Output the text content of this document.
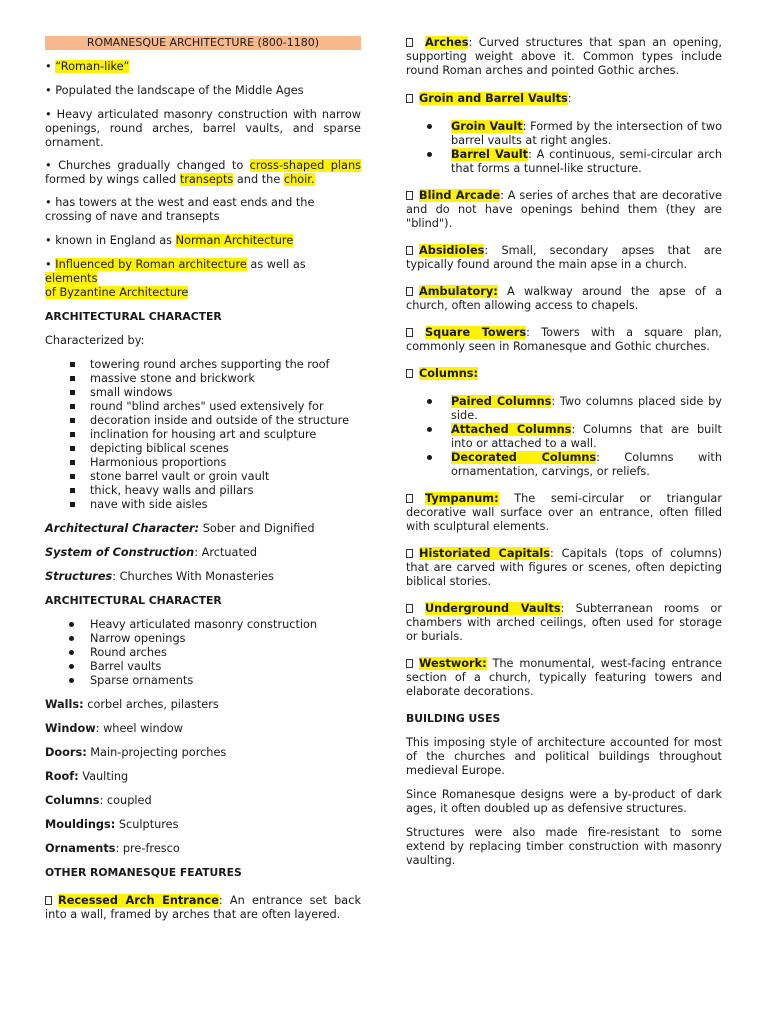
ROMANESQUE ARCHITECTURE (800-1180)

• “Roman-like”

• Populated the landscape of the Middle Ages

• Heavy articulated masonry construction with narrow openings, round arches, barrel vaults, and sparse ornament.

• Churches gradually changed to cross-shaped plans formed by wings called transepts and the choir.

• has towers at the west and east ends and the crossing of nave and transepts

• known in England as Norman Architecture

• Influenced by Roman architecture as well as elements
of Byzantine Architecture

ARCHITECTURAL CHARACTER

Characterized by:

towering round arches supporting the roof
massive stone and brickwork
small windows
round "blind arches" used extensively for
decoration inside and outside of the structure
inclination for housing art and sculpture
depicting biblical scenes
Harmonious proportions
stone barrel vault or groin vault
thick, heavy walls and pillars
nave with side aisles

Architectural Character: Sober and Dignified

System of Construction: Arctuated

Structures: Churches With Monasteries

ARCHITECTURAL CHARACTER

Heavy articulated masonry construction
Narrow openings
Round arches
Barrel vaults
Sparse ornaments

Walls: corbel arches, pilasters

Window: wheel window

Doors: Main-projecting porches

Roof: Vaulting

Columns: coupled

Mouldings: Sculptures

Ornaments: pre-fresco

OTHER ROMANESQUE FEATURES

Recessed Arch Entrance: An entrance set back into a wall, framed by arches that are often layered.

Arches: Curved structures that span an opening, supporting weight above it. Common types include round Roman arches and pointed Gothic arches.

Groin and Barrel Vaults:

Groin Vault: Formed by the intersection of two barrel vaults at right angles.
Barrel Vault: A continuous, semi-circular arch that forms a tunnel-like structure.

Blind Arcade: A series of arches that are decorative and do not have openings behind them (they are "blind").

Absidioles: Small, secondary apses that are typically found around the main apse in a church.

Ambulatory: A walkway around the apse of a church, often allowing access to chapels.

Square Towers: Towers with a square plan, commonly seen in Romanesque and Gothic churches.

Columns:

Paired Columns: Two columns placed side by side.
Attached Columns: Columns that are built into or attached to a wall.
Decorated Columns: Columns with ornamentation, carvings, or reliefs.

Tympanum: The semi-circular or triangular decorative wall surface over an entrance, often filled with sculptural elements.

Historiated Capitals: Capitals (tops of columns) that are carved with figures or scenes, often depicting biblical stories.

Underground Vaults: Subterranean rooms or chambers with arched ceilings, often used for storage or burials.

Westwork: The monumental, west-facing entrance section of a church, typically featuring towers and elaborate decorations.

BUILDING USES

This imposing style of architecture accounted for most of the churches and political buildings throughout medieval Europe.

Since Romanesque designs were a by-product of dark ages, it often doubled up as defensive structures.

Structures were also made fire-resistant to some extend by replacing timber construction with masonry vaulting.
